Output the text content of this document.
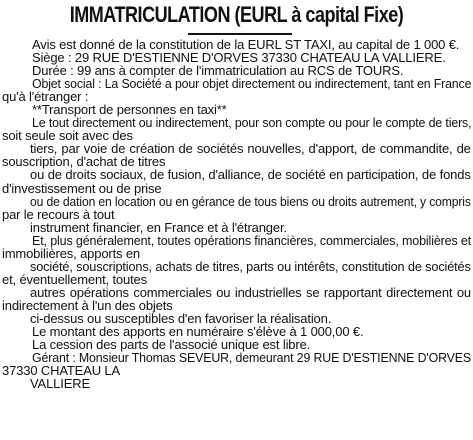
IMMATRICULATION (EURL à capital Fixe)
Avis est donné de la constitution de la EURL ST TAXI, au capital de 1 000 €.
Siège : 29 RUE D'ESTIENNE D'ORVES 37330 CHATEAU LA VALLIERE.
Durée : 99 ans à compter de l'immatriculation au RCS de TOURS.
Objet social : La Société a pour objet directement ou indirectement, tant en France
qu'à l'étranger :
**Transport de personnes en taxi**
Le tout directement ou indirectement, pour son compte ou pour le compte de tiers,
soit seule soit avec des
tiers, par voie de création de sociétés nouvelles, d'apport, de commandite, de
souscription, d'achat de titres
ou de droits sociaux, de fusion, d'alliance, de société en participation, de fonds
d'investissement ou de prise
ou de dation en location ou en gérance de tous biens ou droits autrement, y compris
par le recours à tout
instrument financier, en France et à l'étranger.
Et, plus généralement, toutes opérations financières, commerciales, mobilières et
immobilières, apports en
société, souscriptions, achats de titres, parts ou intérêts, constitution de sociétés
et, éventuellement, toutes
autres opérations commerciales ou industrielles se rapportant directement ou
indirectement à l'un des objets
ci-dessus ou susceptibles d'en favoriser la réalisation.
Le montant des apports en numéraire s'élève à 1 000,00 €.
La cession des parts de l'associé unique est libre.
Gérant : Monsieur Thomas SEVEUR, demeurant 29 RUE D'ESTIENNE D'ORVES
37330 CHATEAU LA
VALLIERE
